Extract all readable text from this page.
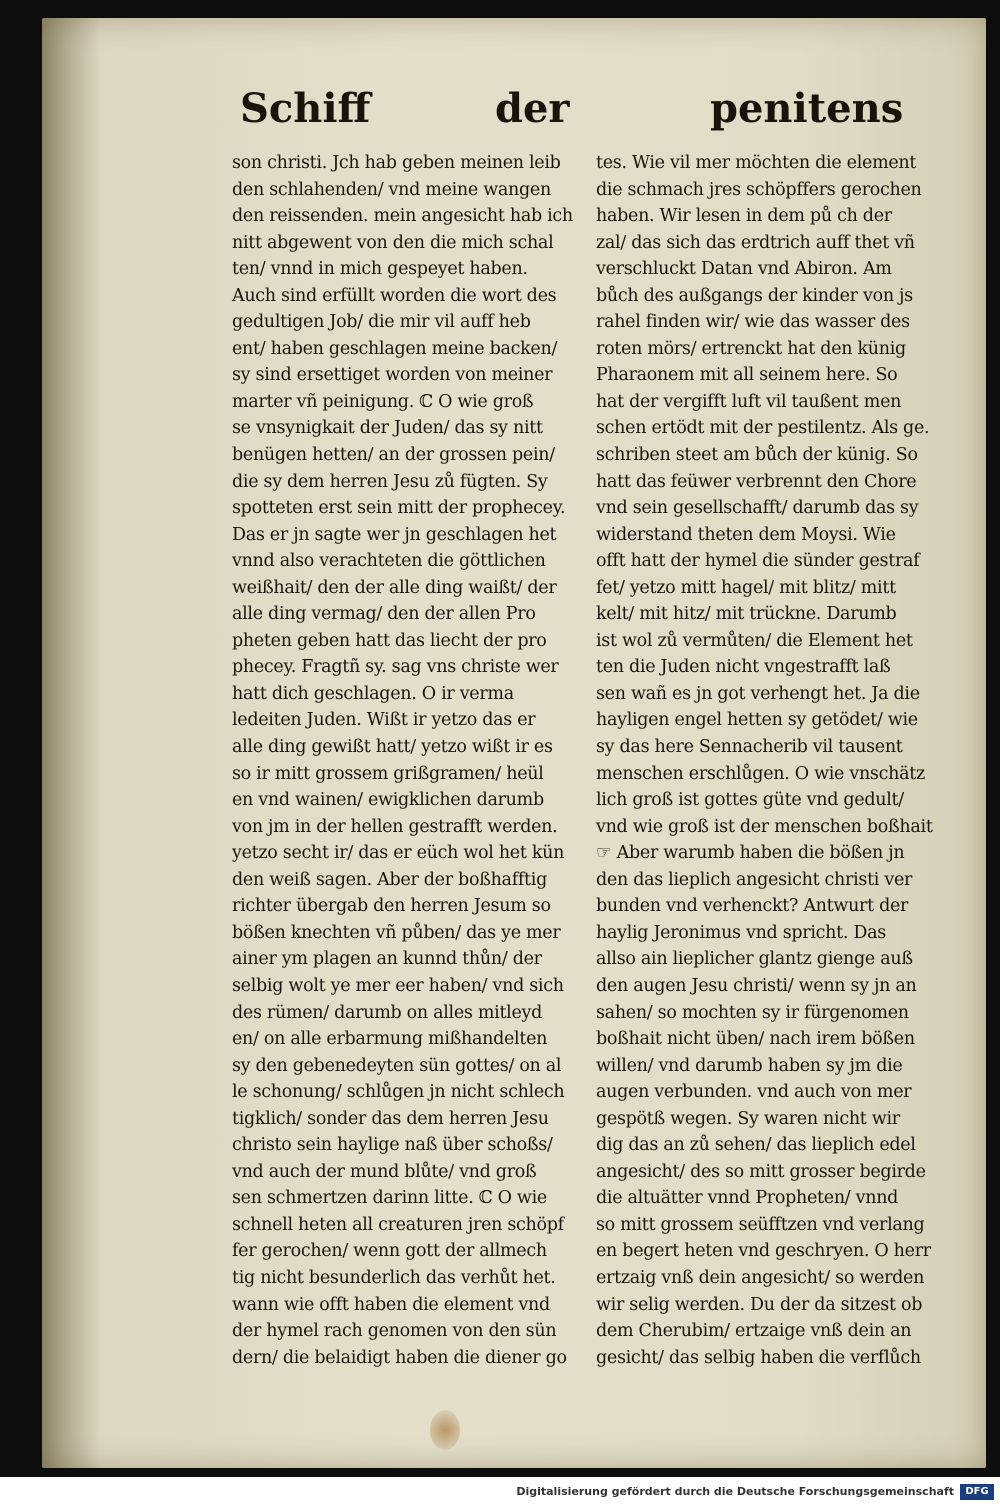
Schiff	der	penitens
son christi. Jch hab geben meinen leib
den schlahenden/ vnd meine wangen
den reissenden. mein angesicht hab ich
nitt abgewent von den die mich schal
ten/ vnnd in mich gespeyet haben.
Auch sind erfüllt worden die wort des
gedultigen Job/ die mir vil auff heb
ent/ haben geschlagen meine backen/
sy sind ersettiget worden von meiner
marter vñ peinigung. ℂ O wie groß
se vnsynigkait der Juden/ das sy nitt
benügen hetten/ an der grossen pein/
die sy dem herren Jesu zů fügten. Sy
spotteten erst sein mitt der prophecey.
Das er jn sagte wer jn geschlagen het
vnnd also verachteten die göttlichen
weißhait/ den der alle ding waißt/ der
alle ding vermag/ den der allen Pro
pheten geben hatt das liecht der pro
phecey. Fragtñ sy. sag vns christe wer
hatt dich geschlagen. O ir verma
ledeiten Juden. Wißt ir yetzo das er
alle ding gewißt hatt/ yetzo wißt ir es
so ir mitt grossem grißgramen/ heül
en vnd wainen/ ewigklichen darumb
von jm in der hellen gestrafft werden.
yetzo secht ir/ das er eüch wol het kün
den weiß sagen. Aber der boßhafftig
richter übergab den herren Jesum so
bößen knechten vñ půben/ das ye mer
ainer ym plagen an kunnd thůn/ der
selbig wolt ye mer eer haben/ vnd sich
des rümen/ darumb on alles mitleyd
en/ on alle erbarmung mißhandelten
sy den gebenedeyten sün gottes/ on al
le schonung/ schlůgen jn nicht schlech
tigklich/ sonder das dem herren Jesu
christo sein haylige naß über schoßs/
vnd auch der mund blůte/ vnd groß
sen schmertzen darinn litte. ℂ O wie
schnell heten all creaturen jren schöpf
fer gerochen/ wenn gott der allmech
tig nicht besunderlich das verhůt het.
wann wie offt haben die element vnd
der hymel rach genomen von den sün
dern/ die belaidigt haben die diener go
tes. Wie vil mer möchten die element
die schmach jres schöpffers gerochen
haben. Wir lesen in dem pů ch der
zal/ das sich das erdtrich auff thet vñ
verschluckt Datan vnd Abiron. Am
bůch des außgangs der kinder von js
rahel finden wir/ wie das wasser des
roten mörs/ ertrenckt hat den künig
Pharaonem mit all seinem here. So
hat der vergifft luft vil taußent men
schen ertödt mit der pestilentz. Als ge.
schriben steet am bůch der künig. So
hatt das feüwer verbrennt den Chore
vnd sein gesellschafft/ darumb das sy
widerstand theten dem Moysi. Wie
offt hatt der hymel die sünder gestraf
fet/ yetzo mitt hagel/ mit blitz/ mitt
kelt/ mit hitz/ mit trückne. Darumb
ist wol zů vermůten/ die Element het
ten die Juden nicht vngestrafft laß
sen wañ es jn got verhengt het. Ja die
hayligen engel hetten sy getödet/ wie
sy das here Sennacherib vil tausent
menschen erschlůgen. O wie vnschätz
lich groß ist gottes güte vnd gedult/
vnd wie groß ist der menschen boßhait
☞ Aber warumb haben die bößen jn
den das lieplich angesicht christi ver
bunden vnd verhenckt? Antwurt der
haylig Jeronimus vnd spricht. Das
allso ain lieplicher glantz gienge auß
den augen Jesu christi/ wenn sy jn an
sahen/ so mochten sy ir fürgenomen
boßhait nicht üben/ nach irem bößen
willen/ vnd darumb haben sy jm die
augen verbunden. vnd auch von mer
gespötß wegen. Sy waren nicht wir
dig das an zů sehen/ das lieplich edel
angesicht/ des so mitt grosser begirde
die altuätter vnnd Propheten/ vnnd
so mitt grossem seüfftzen vnd verlang
en begert heten vnd geschryen. O herr
ertzaig vnß dein angesicht/ so werden
wir selig werden. Du der da sitzest ob
dem Cherubim/ ertzaige vnß dein an
gesicht/ das selbig haben die verflůch
Digitalisierung gefördert durch die Deutsche Forschungsgemeinschaft	DFG
